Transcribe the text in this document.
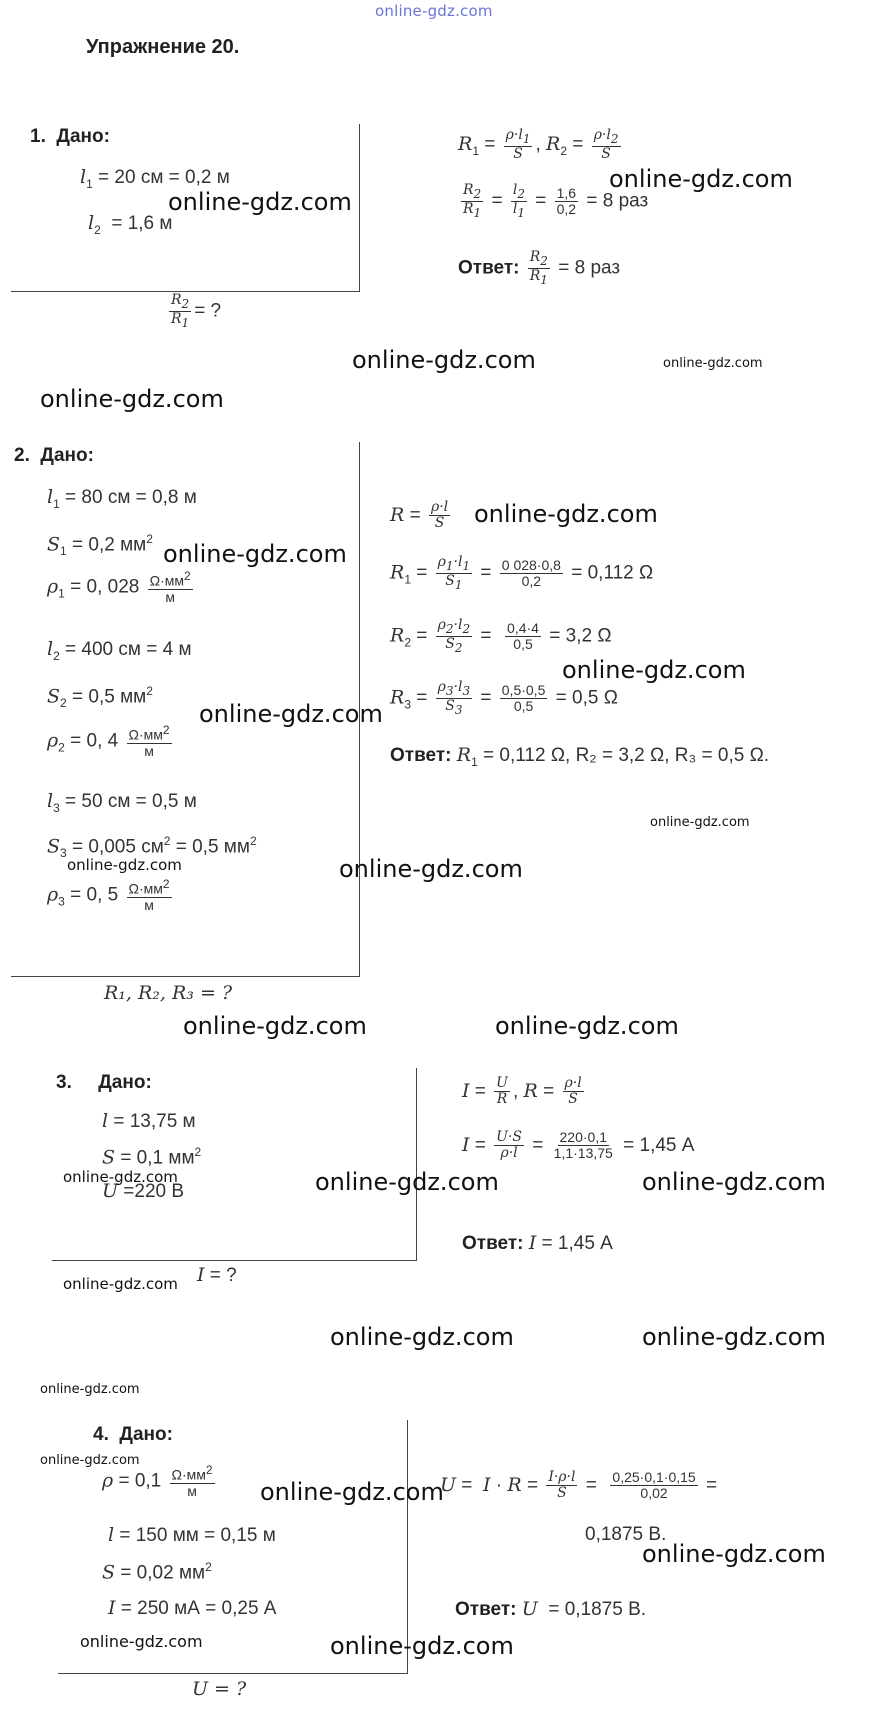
online-gdz.com
Упражнение 20.
1. Дано:
$l_1 = 20$ см = 0,2 м
$l_2 = 1,6$ м
$\frac{R_2}{R_1}$ = ?
$R_1 = \frac{\rho\cdot l_1}{S}$ , $R_2 = \frac{\rho\cdot l_2}{S}$
$\frac{R_2}{R_1} = \frac{l_2}{l_1} = \frac{1,6}{0,2} = 8$ раз
Ответ: $\frac{R_2}{R_1} = 8$ раз
2. Дано:
$l_1 = 80$ см = 0,8 м
$S_1 = 0,2$ $мм^2$
$\rho_1 = 0$, $028 \frac{\Omega\cdot мм^2}{м}$
$l_2 = 400$ см = 4 м
$S_2 = 0,5$ $мм^2$
$\rho_2 = 0$, $4 \frac{\Omega\cdot мм^2}{м}$
$l_3 = 50$ см = 0,5 м
$S_3 = 0,005$ $см^2 = 0,5$ $мм^2$
$\rho_3 = 0$, $5 \frac{\Omega\cdot мм^2}{м}$
R₁, R₂, R₃ = ?
$R = \frac{\rho\cdot l}{S}$
$R_1 = \frac{\rho_1\cdot l_1}{S_1} = \frac{0 028\cdot 0,8}{0,2} = 0,112$ Ω
$R_2 = \frac{\rho_2\cdot l_2}{S_2} = \frac{0,4\cdot 4}{0,5} = 3,2$ Ω
$R_3 = \frac{\rho_3\cdot l_3}{S_3} = \frac{0,5\cdot 0,5}{0,5} = 0,5$ Ω
Ответ: $R_1 = 0,112$ Ω, R₂ = 3,2 Ω, R₃ = 0,5 Ω.
3. Дано:
l = 13,75 м
S = 0,1 $мм^2$
U =220 В
I = ?
$I = \frac{U}{R}$ , $R = \frac{\rho\cdot l}{S}$
$I = \frac{U\cdot S}{\rho\cdot l} = \frac{220\cdot 0,1}{1,1\cdot 13,75} = 1,45$ А
Ответ: I = 1,45 А
4. Дано:
$\rho = 0,1 \frac{\Omega\cdot мм^2}{м}$
l = 150 мм = 0,15 м
S = 0,02 $мм^2$
I = 250 мА = 0,25 А
U = ?
$U = I \cdot R = \frac{I\cdot\rho\cdot l}{S} = \frac{0,25\cdot 0,1\cdot 0,15}{0,02}$ =
0,1875 В.
Ответ: U = 0,1875 В.
online-gdz.com
online-gdz.com
online-gdz.com	online-gdz.com
online-gdz.com
online-gdz.com
online-gdz.com
online-gdz.com
online-gdz.com
online-gdz.com
online-gdz.com	online-gdz.com
online-gdz.com	online-gdz.com
online-gdz.com	online-gdz.com	online-gdz.com
online-gdz.com
online-gdz.com	online-gdz.com
online-gdz.com
online-gdz.com
online-gdz.com
online-gdz.com
online-gdz.com	online-gdz.com
